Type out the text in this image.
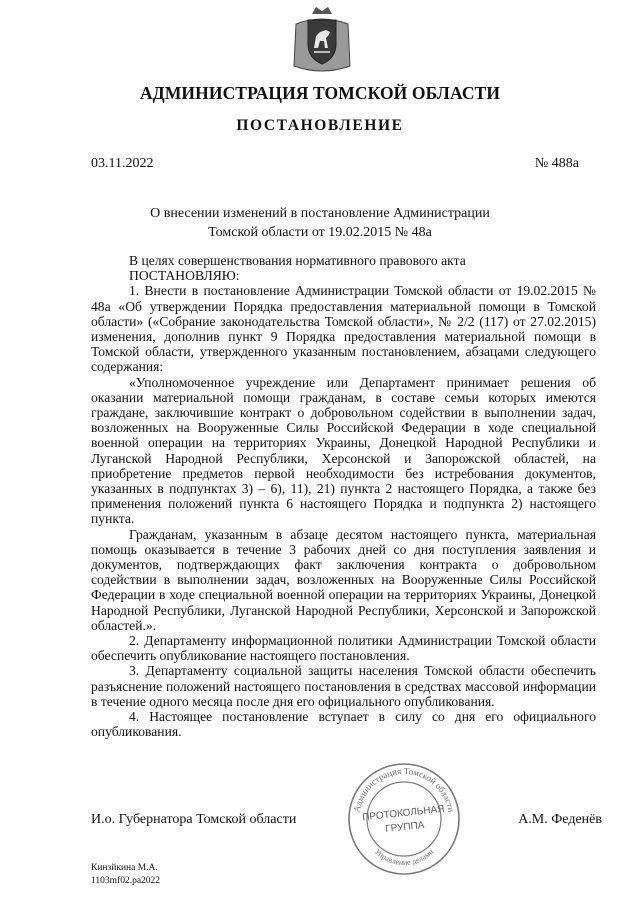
АДМИНИСТРАЦИЯ ТОМСКОЙ ОБЛАСТИ
ПОСТАНОВЛЕНИЕ
03.11.2022	№ 488а
О внесении изменений в постановление Администрации
Томской области от 19.02.2015 № 48а

В целях совершенствования нормативного правового акта

ПОСТАНОВЛЯЮ:

1. Внести в постановление Администрации Томской области от 19.02.2015 № 48а «Об утверждении Порядка предоставления материальной помощи в Томской области» («Собрание законодательства Томской области», № 2/2 (117) от 27.02.2015) изменения, дополнив пункт 9 Порядка предоставления материальной помощи в Томской области, утвержденного указанным постановлением, абзацами следующего содержания:

«Уполномоченное учреждение или Департамент принимает решения об оказании материальной помощи гражданам, в составе семьи которых имеются граждане, заключившие контракт о добровольном содействии в выполнении задач, возложенных на Вооруженные Силы Российской Федерации в ходе специальной военной операции на территориях Украины, Донецкой Народной Республики и Луганской Народной Республики, Херсонской и Запорожской областей, на приобретение предметов первой необходимости без истребования документов, указанных в подпунктах 3) – 6), 11), 21) пункта 2 настоящего Порядка, а также без применения положений пункта 6 настоящего Порядка и подпункта 2) настоящего пункта.

Гражданам, указанным в абзаце десятом настоящего пункта, материальная помощь оказывается в течение 3 рабочих дней со дня поступления заявления и документов, подтверждающих факт заключения контракта о добровольном содействии в выполнении задач, возложенных на Вооруженные Силы Российской Федерации в ходе специальной военной операции на территориях Украины, Донецкой Народной Республики, Луганской Народной Республики, Херсонской и Запорожской областей.».

2. Департаменту информационной политики Администрации Томской области обеспечить опубликование настоящего постановления.

3. Департаменту социальной защиты населения Томской области обеспечить разъяснение положений настоящего постановления в средствах массовой информации в течение одного месяца после дня его официального опубликования.

4. Настоящее постановление вступает в силу со дня его официального опубликования.

И.о. Губернатора Томской области	А.М. Феденёв
Администрация Томской области
Управление делами
ПРОТОКОЛЬНАЯ
ГРУППА
Кинзйкина М.А.
1103mf02.pa2022
